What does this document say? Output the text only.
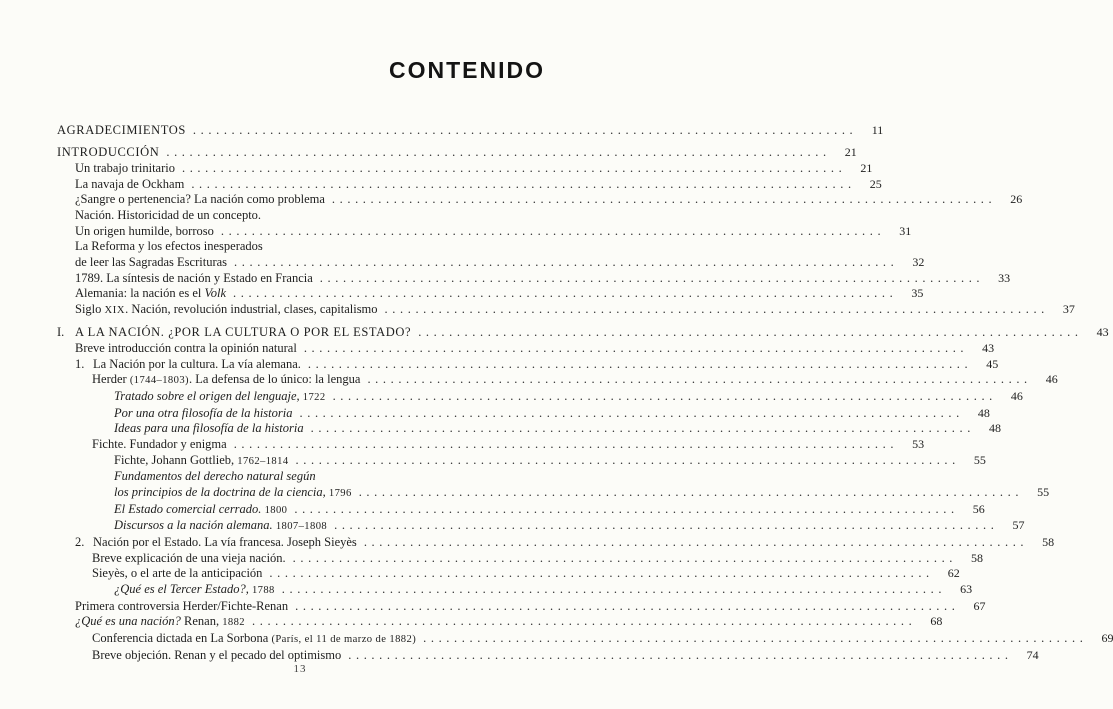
CONTENIDO
AGRADECIMIENTOS .....	11
INTRODUCCIÓN .....	21
Un trabajo trinitario .....	21
La navaja de Ockham .....	25
¿Sangre o pertenencia? La nación como problema .....	26
Nación. Historicidad de un concepto.
Un origen humilde, borroso .....	31
La Reforma y los efectos inesperados
de leer las Sagradas Escrituras .....	32
1789. La síntesis de nación y Estado en Francia .....	33
Alemania: la nación es el Volk .....	35
Siglo XIX. Nación, revolución industrial, clases, capitalismo .....	37
I. A LA NACIÓN. ¿POR LA CULTURA O POR EL ESTADO? .....	43
Breve introducción contra la opinión natural .....	43
1. La Nación por la cultura. La vía alemana. .....	45
Herder (1744–1803). La defensa de lo único: la lengua .....	46
Tratado sobre el origen del lenguaje, 1722 .....	46
Por una otra filosofía de la historia .....	48
Ideas para una filosofía de la historia .....	48
Fichte. Fundador y enigma .....	53
Fichte, Johann Gottlieb, 1762–1814 .....	55
Fundamentos del derecho natural según
los principios de la doctrina de la ciencia, 1796 .....	55
El Estado comercial cerrado. 1800 .....	56
Discursos a la nación alemana. 1807–1808 .....	57
2. Nación por el Estado. La vía francesa. Joseph Sieyès .....	58
Breve explicación de una vieja nación. .....	58
Sieyès, o el arte de la anticipación .....	62
¿Qué es el Tercer Estado?, 1788 .....	63
Primera controversia Herder/Fichte-Renan .....	67
¿Qué es una nación? Renan, 1882 .....	68
Conferencia dictada en La Sorbona (París, el 11 de marzo de 1882) .....	69
Breve objeción. Renan y el pecado del optimismo .....	74
13
